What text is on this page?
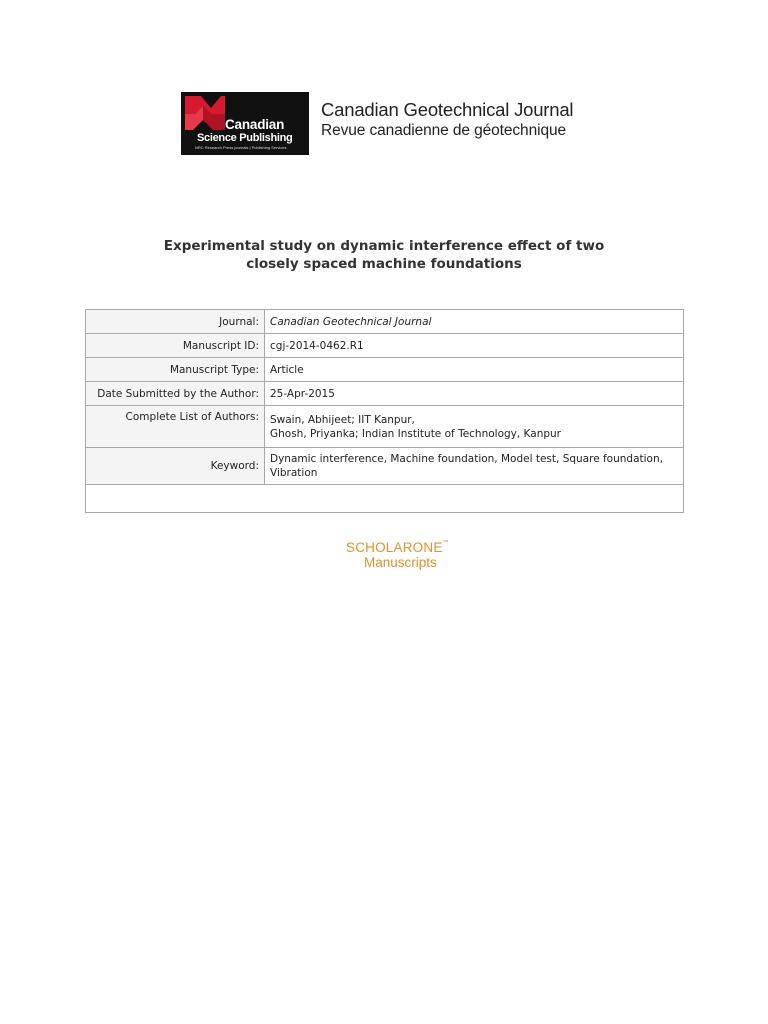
Canadian
Science Publishing
NRC Research Press journals | Publishing Services
Canadian Geotechnical Journal
Revue canadienne de géotechnique
Experimental study on dynamic interference effect of two
closely spaced machine foundations
Journal:	Canadian Geotechnical Journal
Manuscript ID:	cgj-2014-0462.R1
Manuscript Type:	Article
Date Submitted by the Author:	25-Apr-2015
Complete List of Authors:	Swain, Abhijeet; IIT Kanpur,
Ghosh, Priyanka; Indian Institute of Technology, Kanpur

Keyword:	Dynamic interference, Machine foundation, Model test, Square foundation,
Vibration

SCHOLARONE™
Manuscripts
